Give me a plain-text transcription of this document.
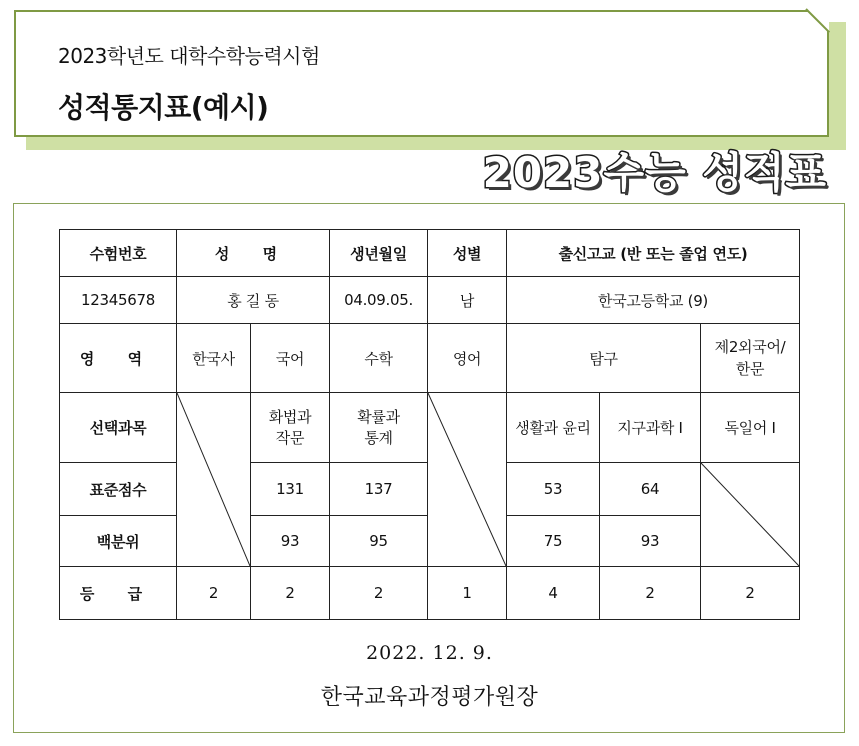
2023학년도 대학수학능력시험
성적통지표(예시)
2023수능 성적표
수험번호	성 명		생년월일	성별	출신고교 (반 또는 졸업 연도)		
12345678	홍 길 동		04.09.05.	남	한국고등학교 (9)		
영 역	한국사	국어	수학	영어	탐구		제2외국어/한문

선택과목		화법과 작문	확률과 통계		생활과 윤리	지구과학 I	독일어 I
표준점수		131	137		53	64	

백분위		93	95		75	93	
등 급	2	2	2	1	4	2	2
2022. 12. 9.
한국교육과정평가원장
